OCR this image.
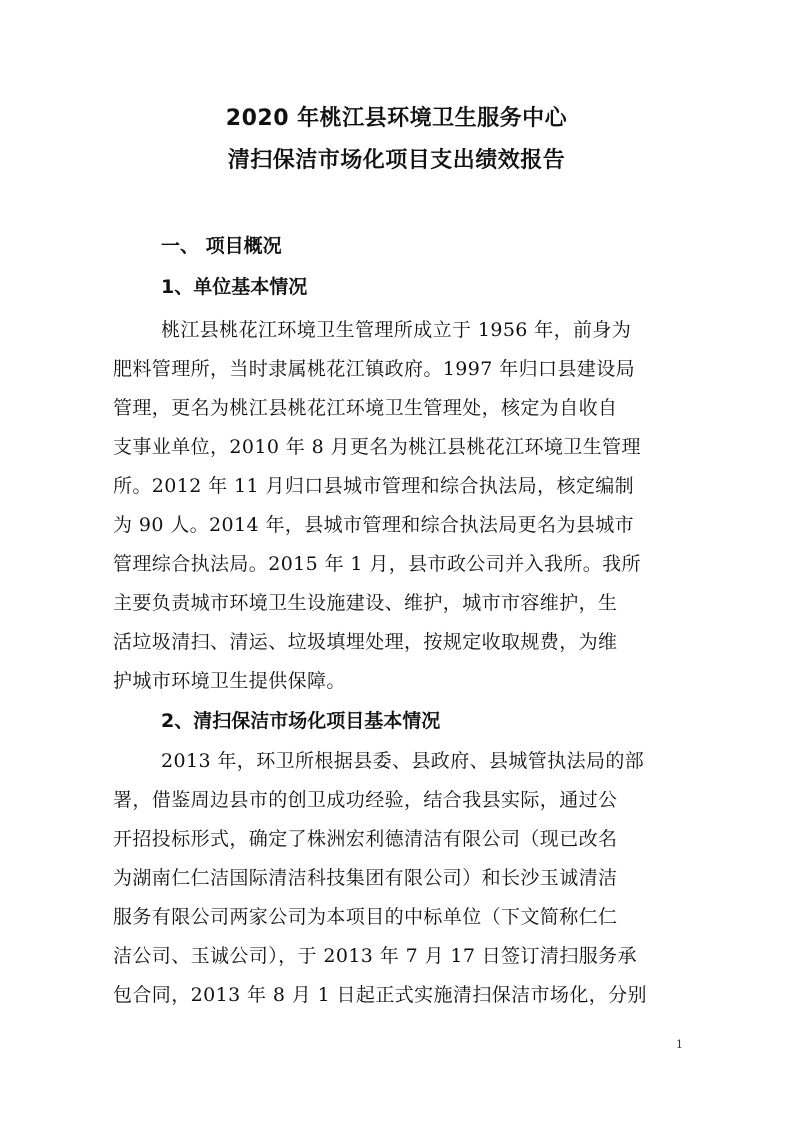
2020 年桃江县环境卫生服务中心
清扫保洁市场化项目支出绩效报告
一、 项目概况
1、单位基本情况
桃江县桃花江环境卫生管理所成立于 1956 年，前身为
肥料管理所，当时隶属桃花江镇政府。1997 年归口县建设局
管理，更名为桃江县桃花江环境卫生管理处，核定为自收自
支事业单位，2010 年 8 月更名为桃江县桃花江环境卫生管理
所。2012 年 11 月归口县城市管理和综合执法局，核定编制
为 90 人。2014 年，县城市管理和综合执法局更名为县城市
管理综合执法局。2015 年 1 月，县市政公司并入我所。我所
主要负责城市环境卫生设施建设、维护，城市市容维护，生
活垃圾清扫、清运、垃圾填埋处理，按规定收取规费，为维
护城市环境卫生提供保障。
2、清扫保洁市场化项目基本情况
2013 年，环卫所根据县委、县政府、县城管执法局的部
署，借鉴周边县市的创卫成功经验，结合我县实际，通过公
开招投标形式，确定了株洲宏利德清洁有限公司（现已改名
为湖南仁仁洁国际清洁科技集团有限公司）和长沙玉诚清洁
服务有限公司两家公司为本项目的中标单位（下文简称仁仁
洁公司、玉诚公司），于 2013 年 7 月 17 日签订清扫服务承
包合同，2013 年 8 月 1 日起正式实施清扫保洁市场化，分别
1
